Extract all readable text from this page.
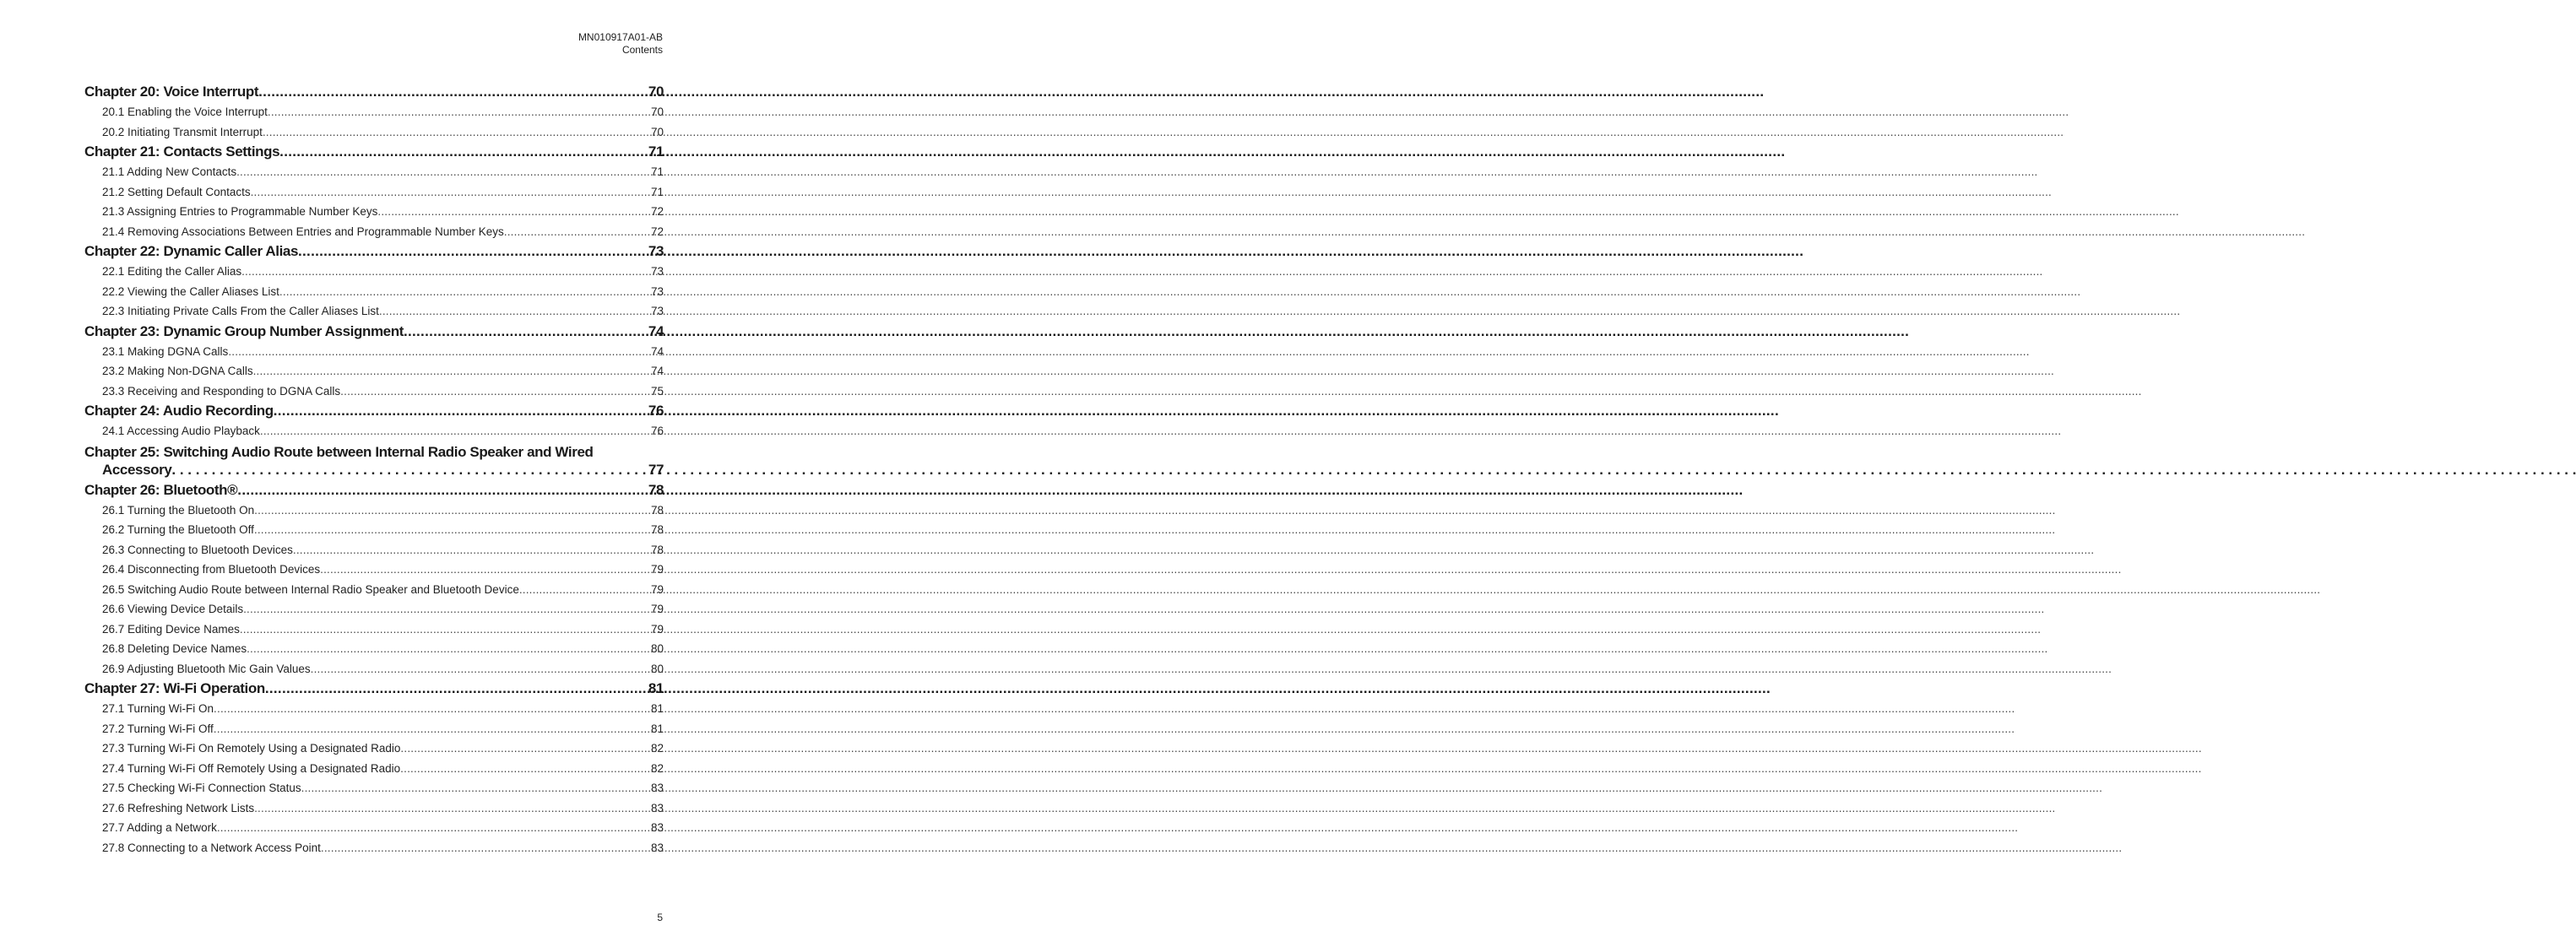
MN010917A01-AB
Contents
Chapter 20: Voice Interrupt .....	70
20.1 Enabling the Voice Interrupt .....	70
20.2 Initiating Transmit Interrupt .....	70
Chapter 21: Contacts Settings .....	71
21.1 Adding New Contacts .....	71
21.2 Setting Default Contacts .....	71
21.3 Assigning Entries to Programmable Number Keys .....	72
21.4 Removing Associations Between Entries and Programmable Number Keys .....	72
Chapter 22: Dynamic Caller Alias .....	73
22.1 Editing the Caller Alias .....	73
22.2 Viewing the Caller Aliases List .....	73
22.3 Initiating Private Calls From the Caller Aliases List .....	73
Chapter 23: Dynamic Group Number Assignment .....	74
23.1 Making DGNA Calls .....	74
23.2 Making Non-DGNA Calls .....	74
23.3 Receiving and Responding to DGNA Calls .....	75
Chapter 24: Audio Recording .....	76
24.1 Accessing Audio Playback .....	76
Chapter 25: Switching Audio Route between Internal Radio Speaker and Wired
Accessory . . .	77
Chapter 26: Bluetooth® .....	78
26.1 Turning the Bluetooth On .....	78
26.2 Turning the Bluetooth Off .....	78
26.3 Connecting to Bluetooth Devices .....	78
26.4 Disconnecting from Bluetooth Devices .....	79
26.5 Switching Audio Route between Internal Radio Speaker and Bluetooth Device .....	79
26.6 Viewing Device Details .....	79
26.7 Editing Device Names .....	79
26.8 Deleting Device Names .....	80
26.9 Adjusting Bluetooth Mic Gain Values .....	80
Chapter 27: Wi-Fi Operation .....	81
27.1 Turning Wi-Fi On .....	81
27.2 Turning Wi-Fi Off .....	81
27.3 Turning Wi-Fi On Remotely Using a Designated Radio .....	82
27.4 Turning Wi-Fi Off Remotely Using a Designated Radio .....	82
27.5 Checking Wi-Fi Connection Status .....	83
27.6 Refreshing Network Lists .....	83
27.7 Adding a Network .....	83
27.8 Connecting to a Network Access Point .....	83
5
